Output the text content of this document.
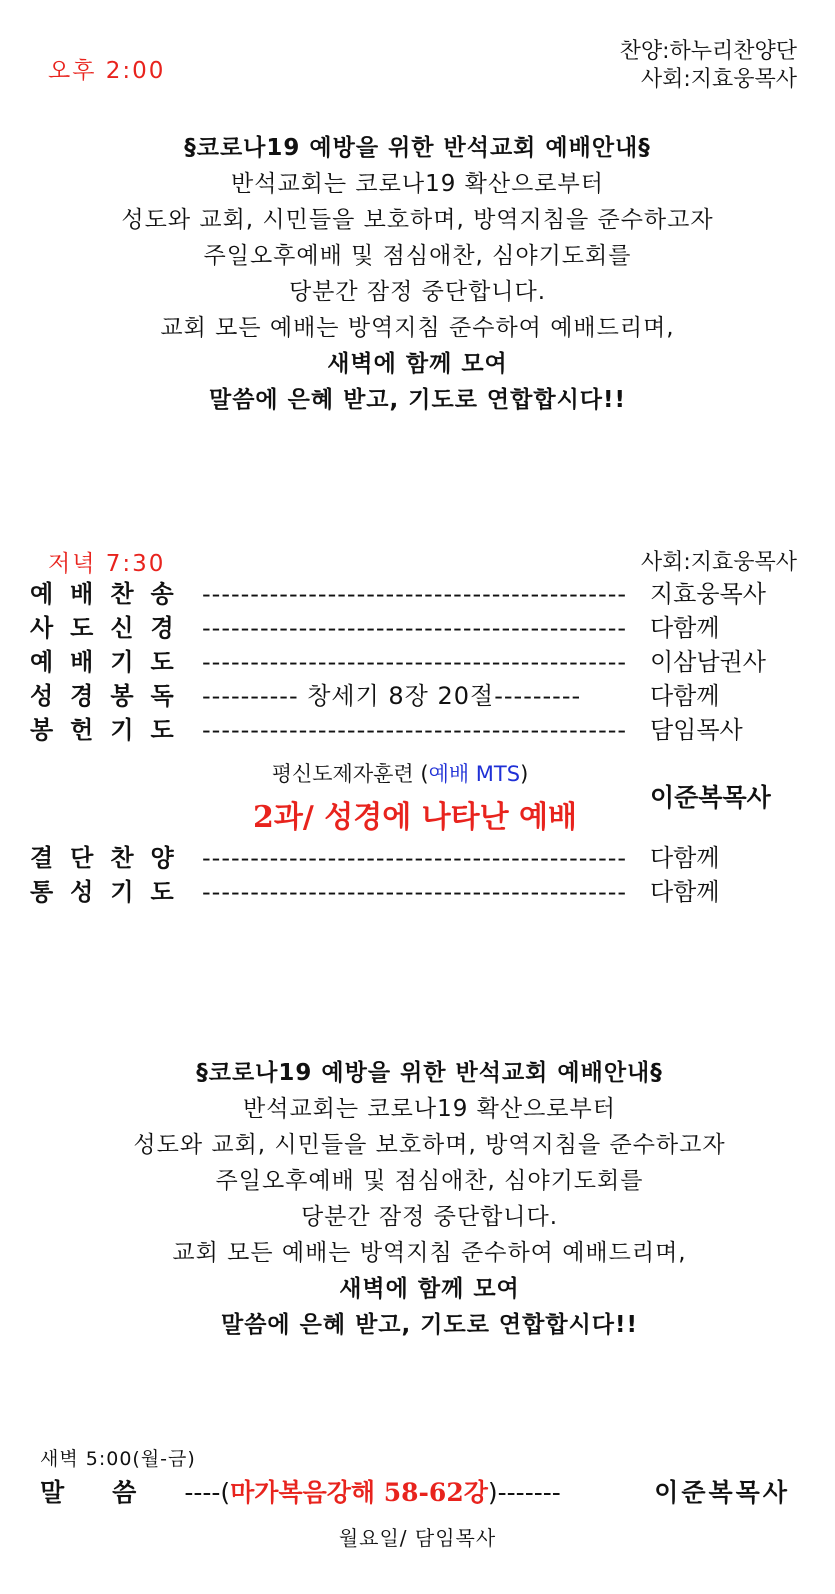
오후 2:00
찬양:하누리찬양단
사회:지효웅목사
§코로나19 예방을 위한 반석교회 예배안내§
반석교회는 코로나19 확산으로부터
성도와 교회, 시민들을 보호하며, 방역지침을 준수하고자
주일오후예배 및 점심애찬, 심야기도회를
당분간 잠정 중단합니다.
교회 모든 예배는 방역지침 준수하여 예배드리며,
새벽에 함께 모여
말씀에 은혜 받고, 기도로 연합합시다!!
저녁 7:30	사회:지효웅목사
예배찬송 -------------------------------------------- 지효웅목사
사도신경 -------------------------------------------- 다함께
예배기도 -------------------------------------------- 이삼남권사
성경봉독 ---------- 창세기 8장 20절---------	다함께
봉헌기도 -------------------------------------------- 담임목사
평신도제자훈련 (예배 MTS)
2과/ 성경에 나타난 예배
이준복목사
결단찬양 -------------------------------------------- 다함께
통성기도 -------------------------------------------- 다함께
§코로나19 예방을 위한 반석교회 예배안내§
반석교회는 코로나19 확산으로부터
성도와 교회, 시민들을 보호하며, 방역지침을 준수하고자
주일오후예배 및 점심애찬, 심야기도회를
당분간 잠정 중단합니다.
교회 모든 예배는 방역지침 준수하여 예배드리며,
새벽에 함께 모여
말씀에 은혜 받고, 기도로 연합합시다!!
새벽 5:00(월-금)
말씀----(마가복음강해 58-62강)-------	이준복목사
월요일/ 담임목사
